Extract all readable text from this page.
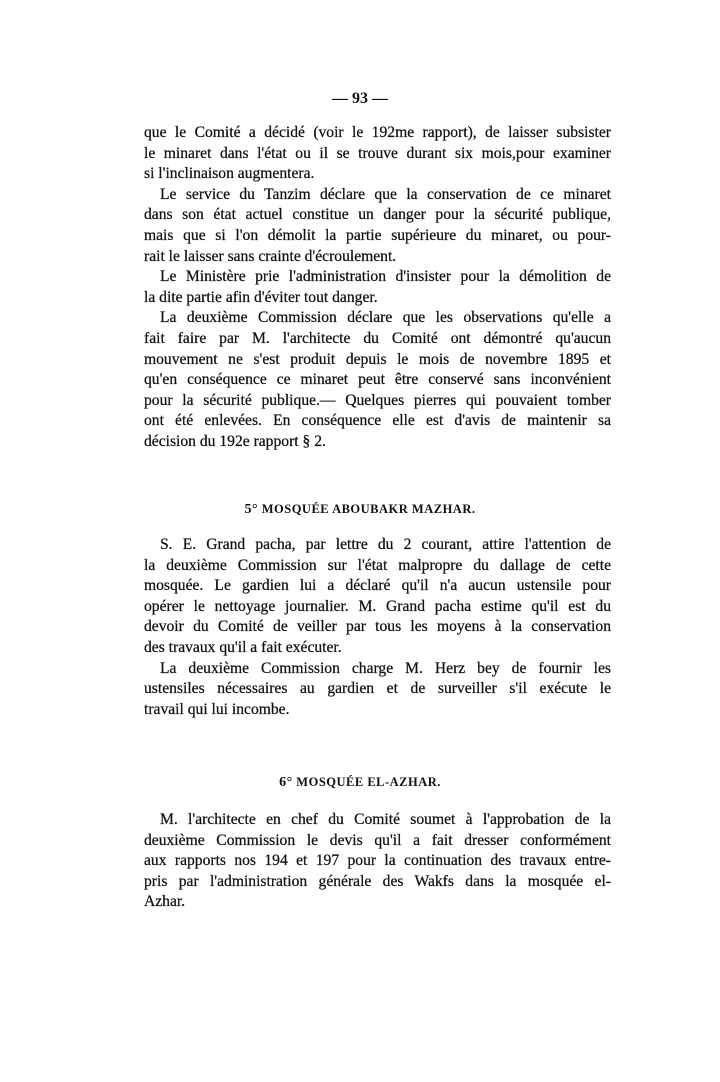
— 93 —
que le Comité a décidé (voir le 192me rapport), de laisser subsister
le minaret dans l'état ou il se trouve durant six mois,pour examiner
si l'inclinaison augmentera.
Le service du Tanzim déclare que la conservation de ce minaret
dans son état actuel constitue un danger pour la sécurité publique,
mais que si l'on démolit la partie supérieure du minaret, ou pour-
rait le laisser sans crainte d'écroulement.
Le Ministère prie l'administration d'insister pour la démolition de
la dite partie afin d'éviter tout danger.
La deuxième Commission déclare que les observations qu'elle a
fait faire par M. l'architecte du Comité ont démontré qu'aucun
mouvement ne s'est produit depuis le mois de novembre 1895 et
qu'en conséquence ce minaret peut être conservé sans inconvénient
pour la sécurité publique.— Quelques pierres qui pouvaient tomber
ont été enlevées. En conséquence elle est d'avis de maintenir sa
décision du 192e rapport § 2.
5° MOSQUÉE ABOUBAKR MAZHAR.
S. E. Grand pacha, par lettre du 2 courant, attire l'attention de
la deuxième Commission sur l'état malpropre du dallage de cette
mosquée. Le gardien lui a déclaré qu'il n'a aucun ustensile pour
opérer le nettoyage journalier. M. Grand pacha estime qu'il est du
devoir du Comité de veiller par tous les moyens à la conservation
des travaux qu'il a fait exécuter.
La deuxième Commission charge M. Herz bey de fournir les
ustensiles nécessaires au gardien et de surveiller s'il exécute le
travail qui lui incombe.
6° MOSQUÉE EL-AZHAR.
M. l'architecte en chef du Comité soumet à l'approbation de la
deuxième Commission le devis qu'il a fait dresser conformément
aux rapports nos 194 et 197 pour la continuation des travaux entre-
pris par l'administration générale des Wakfs dans la mosquée el-
Azhar.
